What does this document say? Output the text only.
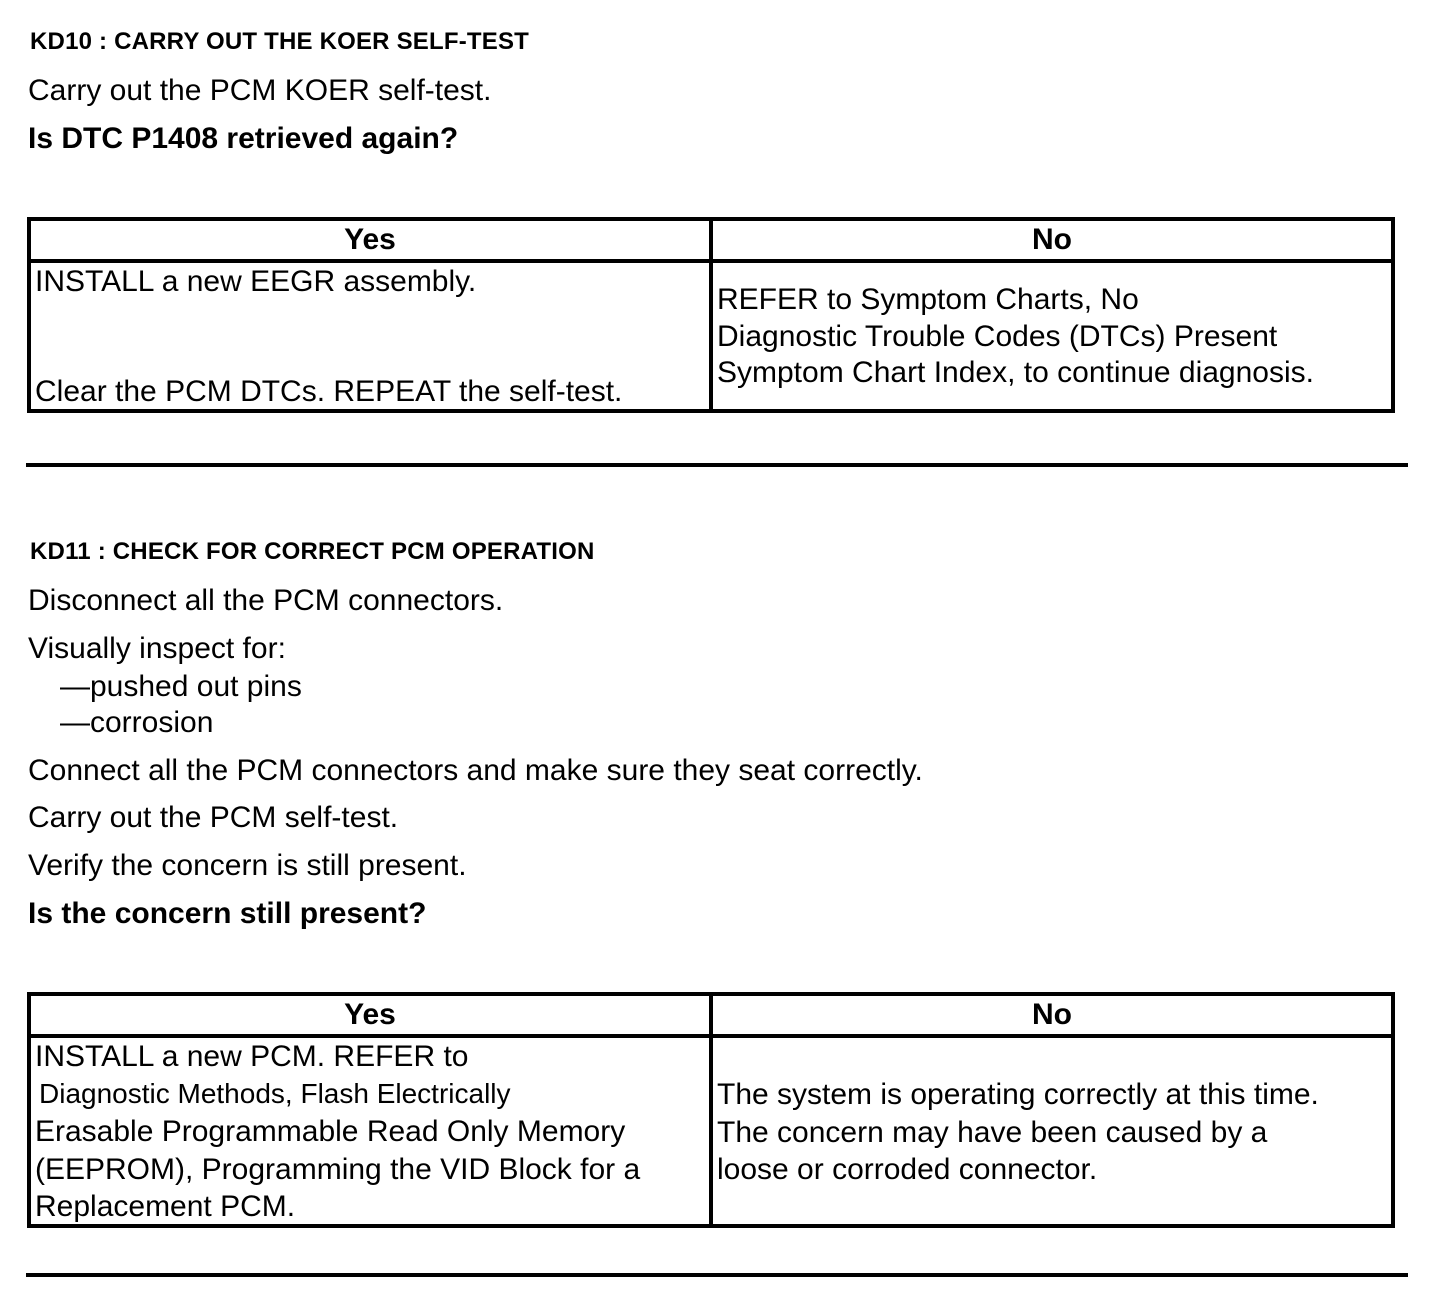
KD10 : CARRY OUT THE KOER SELF-TEST
Carry out the PCM KOER self-test.
Is DTC P1408 retrieved again?
Yes	No

INSTALL a new EEGR assembly.
Clear the PCM DTCs. REPEAT the self-test.	REFER to Symptom Charts, No
Diagnostic Trouble Codes (DTCs) Present
Symptom Chart Index, to continue diagnosis.
KD11 : CHECK FOR CORRECT PCM OPERATION
Disconnect all the PCM connectors.
Visually inspect for:
—pushed out pins
—corrosion
Connect all the PCM connectors and make sure they seat correctly.
Carry out the PCM self-test.
Verify the concern is still present.
Is the concern still present?
Yes	No

INSTALL a new PCM. REFER to
Diagnostic Methods, Flash Electrically
Erasable Programmable Read Only Memory
(EEPROM), Programming the VID Block for a
Replacement PCM.	The system is operating correctly at this time.
The concern may have been caused by a
loose or corroded connector.
